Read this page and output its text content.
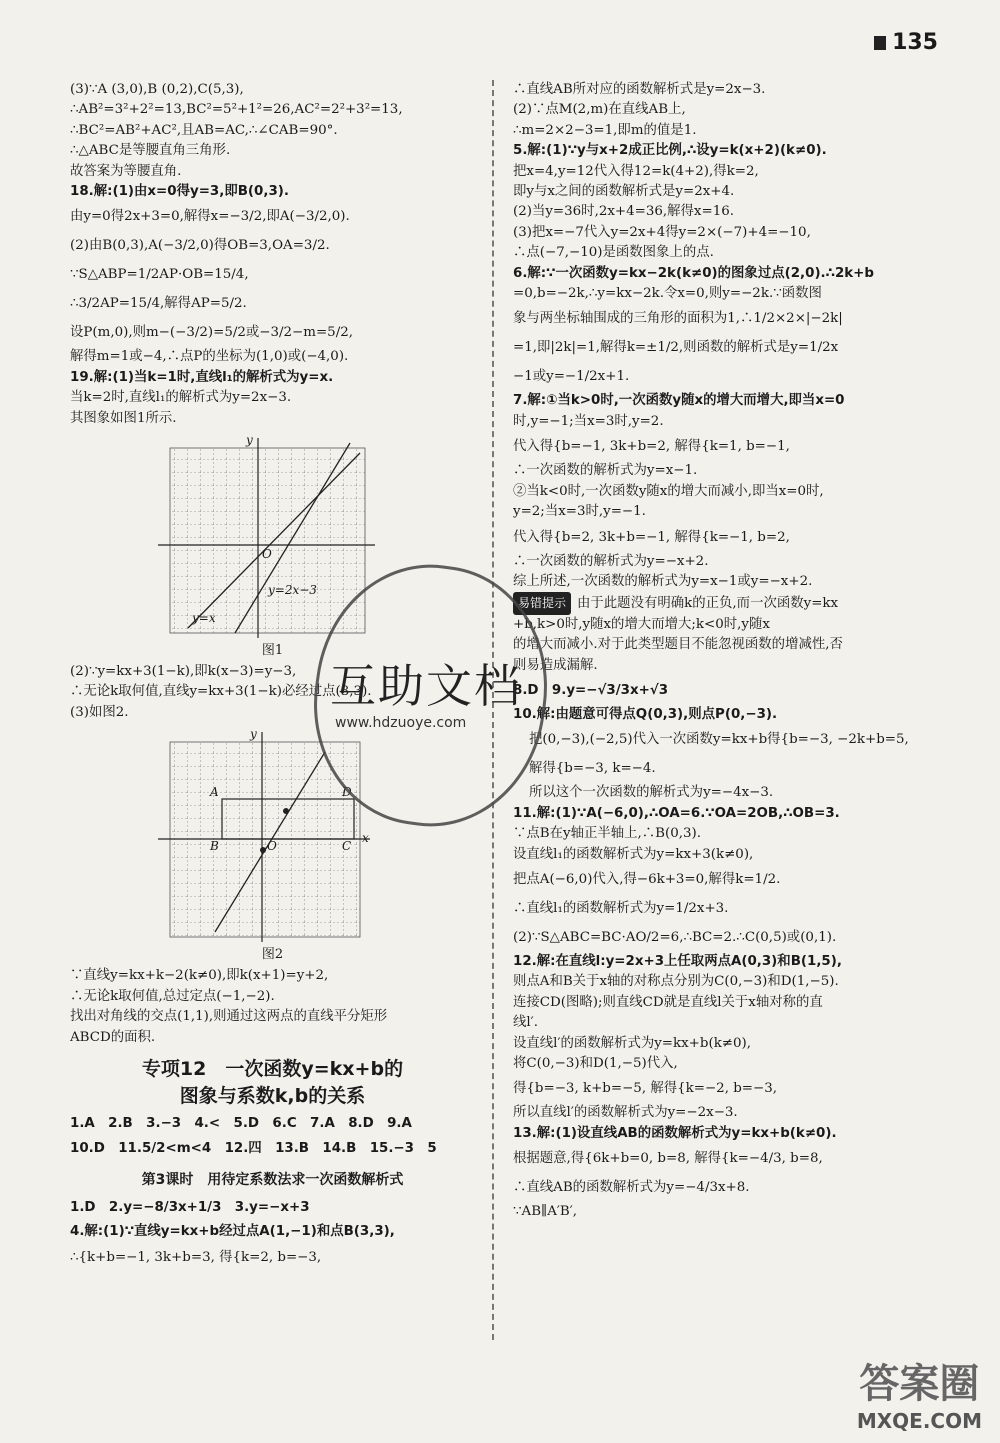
135
(3)∵A (3,0),B (0,2),C(5,3),
∴AB²=3²+2²=13,BC²=5²+1²=26,AC²=2²+3²=13,
∴BC²=AB²+AC²,且AB=AC,∴∠CAB=90°.
∴△ABC是等腰直角三角形.
故答案为等腰直角.
18.解:(1)由x=0得y=3,即B(0,3).
由y=0得2x+3=0,解得x=−3/2,即A(−3/2,0).
(2)由B(0,3),A(−3/2,0)得OB=3,OA=3/2.
∵S△ABP=1/2AP·OB=15/4,
∴3/2AP=15/4,解得AP=5/2.
设P(m,0),则m−(−3/2)=5/2或−3/2−m=5/2,
解得m=1或−4,∴点P的坐标为(1,0)或(−4,0).
19.解:(1)当k=1时,直线l₁的解析式为y=x.
当k=2时,直线l₁的解析式为y=2x−3.
其图象如图1所示.
y
O
y=x
y=2x−3
图1
(2)∵y=kx+3(1−k),即k(x−3)=y−3,
∴无论k取何值,直线y=kx+3(1−k)必经过点(3,3).
(3)如图2.
y
A	D
B	O	C
x
图2
∵直线y=kx+k−2(k≠0),即k(x+1)=y+2,
∴无论k取何值,总过定点(−1,−2).
找出对角线的交点(1,1),则通过这两点的直线平分矩形
ABCD的面积.
专项12　一次函数y=kx+b的
图象与系数k,b的关系
1.A　2.B　3.−3　4.<　5.D　6.C　7.A　8.D　9.A
10.D　11.5/2<m<4　12.四　13.B　14.B　15.−3　5
第3课时　用待定系数法求一次函数解析式
1.D　2.y=−8/3x+1/3　3.y=−x+3
4.解:(1)∵直线y=kx+b经过点A(1,−1)和点B(3,3),
∴{k+b=−1, 3k+b=3, 得{k=2, b=−3,
∴直线AB所对应的函数解析式是y=2x−3.
(2)∵点M(2,m)在直线AB上,
∴m=2×2−3=1,即m的值是1.
5.解:(1)∵y与x+2成正比例,∴设y=k(x+2)(k≠0).
把x=4,y=12代入得12=k(4+2),得k=2,
即y与x之间的函数解析式是y=2x+4.
(2)当y=36时,2x+4=36,解得x=16.
(3)把x=−7代入y=2x+4得y=2×(−7)+4=−10,
∴点(−7,−10)是函数图象上的点.
6.解:∵一次函数y=kx−2k(k≠0)的图象过点(2,0).∴2k+b
=0,b=−2k,∴y=kx−2k.令x=0,则y=−2k.∵函数图
象与两坐标轴围成的三角形的面积为1,∴1/2×2×|−2k|
=1,即|2k|=1,解得k=±1/2,则函数的解析式是y=1/2x
−1或y=−1/2x+1.
7.解:①当k>0时,一次函数y随x的增大而增大,即当x=0
时,y=−1;当x=3时,y=2.
代入得{b=−1, 3k+b=2, 解得{k=1, b=−1,
∴一次函数的解析式为y=x−1.
②当k<0时,一次函数y随x的增大而减小,即当x=0时,
y=2;当x=3时,y=−1.
代入得{b=2, 3k+b=−1, 解得{k=−1, b=2,
∴一次函数的解析式为y=−x+2.
综上所述,一次函数的解析式为y=x−1或y=−x+2.
易错提示 由于此题没有明确k的正负,而一次函数y=kx
+b,k>0时,y随x的增大而增大;k<0时,y随x
的增大而减小.对于此类型题目不能忽视函数的增减性,否
则易造成漏解.
8.D　9.y=−√3/3x+√3
10.解:由题意可得点Q(0,3),则点P(0,−3).
把(0,−3),(−2,5)代入一次函数y=kx+b得{b=−3, −2k+b=5,
解得{b=−3, k=−4.
所以这个一次函数的解析式为y=−4x−3.
11.解:(1)∵A(−6,0),∴OA=6.∵OA=2OB,∴OB=3.
∵点B在y轴正半轴上,∴B(0,3).
设直线l₁的函数解析式为y=kx+3(k≠0),
把点A(−6,0)代入,得−6k+3=0,解得k=1/2.
∴直线l₁的函数解析式为y=1/2x+3.
(2)∵S△ABC=BC·AO/2=6,∴BC=2.∴C(0,5)或(0,1).
12.解:在直线l:y=2x+3上任取两点A(0,3)和B(1,5),
则点A和B关于x轴的对称点分别为C(0,−3)和D(1,−5).
连接CD(图略);则直线CD就是直线l关于x轴对称的直
线l′.
设直线l′的函数解析式为y=kx+b(k≠0),
将C(0,−3)和D(1,−5)代入,
得{b=−3, k+b=−5, 解得{k=−2, b=−3,
所以直线l′的函数解析式为y=−2x−3.
13.解:(1)设直线AB的函数解析式为y=kx+b(k≠0).
根据题意,得{6k+b=0, b=8, 解得{k=−4/3, b=8,
∴直线AB的函数解析式为y=−4/3x+8.
∵AB∥A′B′,
互助文档
www.hdzuoye.com
答案圈
MXQE.COM
